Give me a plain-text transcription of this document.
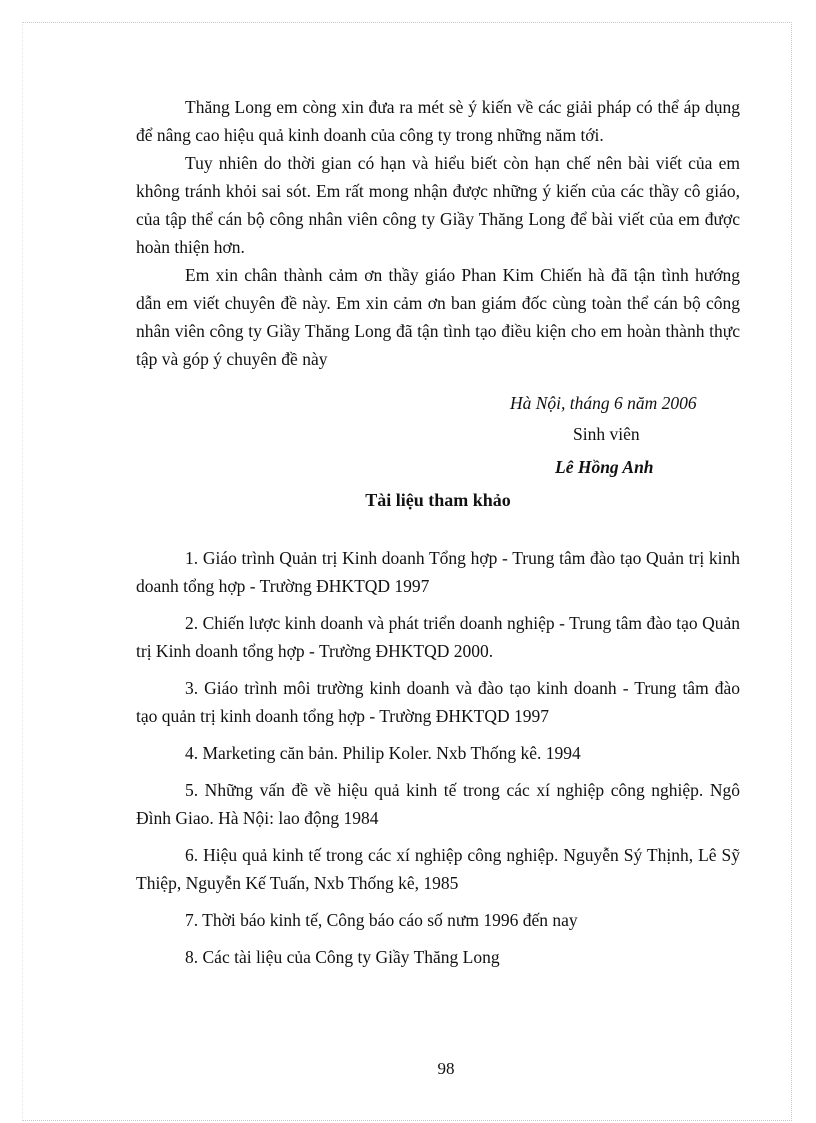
Thăng Long em còng xin đưa ra mét sè ý kiến về các giải pháp có thể áp dụng để nâng cao hiệu quả kinh doanh của công ty trong những năm tới.

Tuy nhiên do thời gian có hạn và hiểu biết còn hạn chế nên bài viết của em không tránh khỏi sai sót. Em rất mong nhận được những ý kiến của các thầy cô giáo, của tập thể cán bộ công nhân viên công ty Giầy Thăng Long để bài viết của em được hoàn thiện hơn.

Em xin chân thành cảm ơn thầy giáo Phan Kim Chiến hà đã tận tình hướng dẫn em viết chuyên đề này. Em xin cảm ơn ban giám đốc cùng toàn thể cán bộ công nhân viên công ty Giầy Thăng Long đã tận tình tạo điều kiện cho em hoàn thành thực tập và góp ý chuyên đề này

Hà Nội, tháng 6 năm 2006
Sinh viên
Lê Hồng Anh
Tài liệu tham khảo

1. Giáo trình Quản trị Kinh doanh Tổng hợp - Trung tâm đào tạo Quản trị kinh doanh tổng hợp - Trường ĐHKTQD 1997

2. Chiến lược kinh doanh và phát triển doanh nghiệp - Trung tâm đào tạo Quản trị Kinh doanh tổng hợp - Trường ĐHKTQD 2000.

3. Giáo trình môi trường kinh doanh và đào tạo kinh doanh - Trung tâm đào tạo quản trị kinh doanh tổng hợp - Trường ĐHKTQD 1997

4. Marketing căn bản. Philip Koler. Nxb Thống kê. 1994

5. Những vấn đề về hiệu quả kinh tế trong các xí nghiệp công nghiệp. Ngô Đình Giao. Hà Nội: lao động 1984

6. Hiệu quả kinh tế trong các xí nghiệp công nghiệp. Nguyễn Sý Thịnh, Lê Sỹ Thiệp, Nguyễn Kế Tuấn, Nxb Thống kê, 1985

7. Thời báo kinh tế, Công báo cáo số nưm 1996 đến nay

8. Các tài liệu của Công ty Giầy Thăng Long

98
